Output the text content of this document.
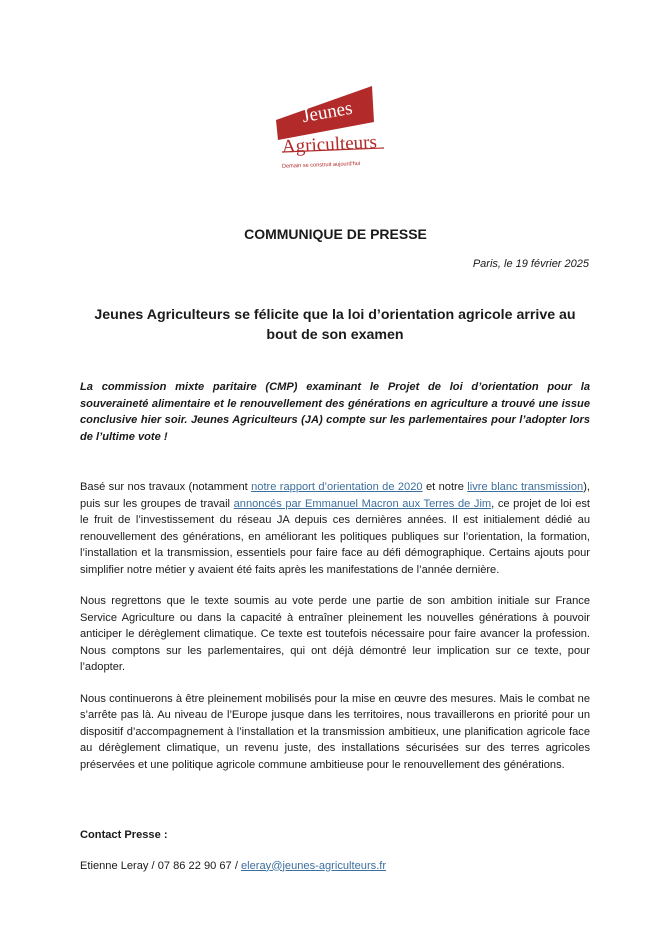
Jeunes
Agriculteurs
Demain se construit aujourd'hui
COMMUNIQUE DE PRESSE
Paris, le 19 février 2025
Jeunes Agriculteurs se félicite que la loi d’orientation agricole arrive au bout de son examen
La commission mixte paritaire (CMP) examinant le Projet de loi d’orientation pour la souveraineté alimentaire et le renouvellement des générations en agriculture a trouvé une issue conclusive hier soir. Jeunes Agriculteurs (JA) compte sur les parlementaires pour l’adopter lors de l’ultime vote !

Basé sur nos travaux (notamment notre rapport d’orientation de 2020 et notre livre blanc transmission), puis sur les groupes de travail annoncés par Emmanuel Macron aux Terres de Jim, ce projet de loi est le fruit de l’investissement du réseau JA depuis ces dernières années. Il est initialement dédié au renouvellement des générations, en améliorant les politiques publiques sur l’orientation, la formation, l’installation et la transmission, essentiels pour faire face au défi démographique. Certains ajouts pour simplifier notre métier y avaient été faits après les manifestations de l’année dernière.

Nous regrettons que le texte soumis au vote perde une partie de son ambition initiale sur France Service Agriculture ou dans la capacité à entraîner pleinement les nouvelles générations à pouvoir anticiper le dérèglement climatique. Ce texte est toutefois nécessaire pour faire avancer la profession. Nous comptons sur les parlementaires, qui ont déjà démontré leur implication sur ce texte, pour l’adopter.

Nous continuerons à être pleinement mobilisés pour la mise en œuvre des mesures. Mais le combat ne s’arrête pas là. Au niveau de l’Europe jusque dans les territoires, nous travaillerons en priorité pour un dispositif d’accompagnement à l’installation et la transmission ambitieux, une planification agricole face au dérèglement climatique, un revenu juste, des installations sécurisées sur des terres agricoles préservées et une politique agricole commune ambitieuse pour le renouvellement des générations.

Contact Presse :
Etienne Leray / 07 86 22 90 67 / eleray@jeunes-agriculteurs.fr
